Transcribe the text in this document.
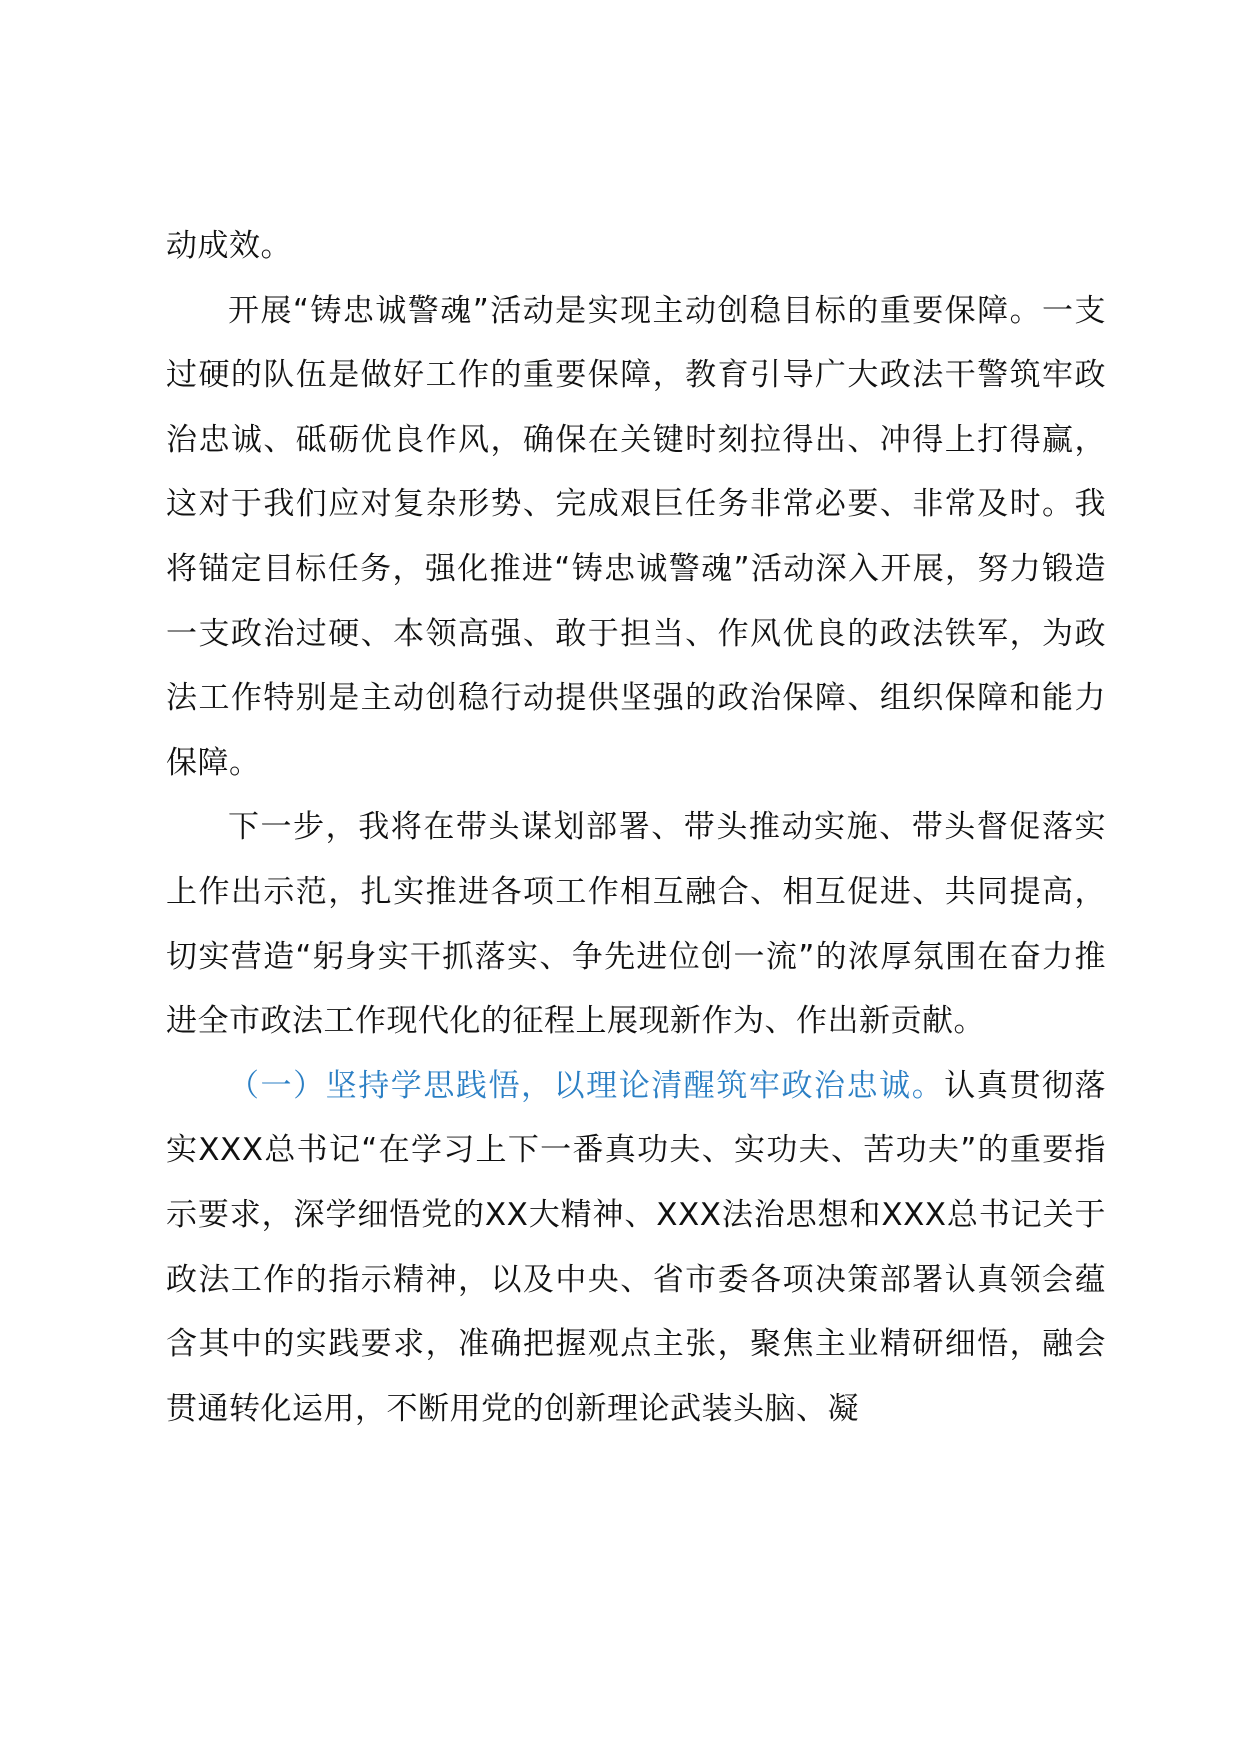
动成效。

开展“铸忠诚警魂”活动是实现主动创稳目标的重要保障。一支过硬的队伍是做好工作的重要保障，教育引导广大政法干警筑牢政治忠诚、砥砺优良作风，确保在关键时刻拉得出、冲得上打得赢，这对于我们应对复杂形势、完成艰巨任务非常必要、非常及时。我将锚定目标任务，强化推进“铸忠诚警魂”活动深入开展，努力锻造一支政治过硬、本领高强、敢于担当、作风优良的政法铁军，为政法工作特别是主动创稳行动提供坚强的政治保障、组织保障和能力保障。

下一步，我将在带头谋划部署、带头推动实施、带头督促落实上作出示范，扎实推进各项工作相互融合、相互促进、共同提高，切实营造“躬身实干抓落实、争先进位创一流”的浓厚氛围在奋力推进全市政法工作现代化的征程上展现新作为、作出新贡献。

（一）坚持学思践悟，以理论清醒筑牢政治忠诚。认真贯彻落实XXX总书记“在学习上下一番真功夫、实功夫、苦功夫”的重要指示要求，深学细悟党的XX大精神、XXX法治思想和XXX总书记关于政法工作的指示精神，以及中央、省市委各项决策部署认真领会蕴含其中的实践要求，准确把握观点主张，聚焦主业精研细悟，融会贯通转化运用，不断用党的创新理论武装头脑、凝
